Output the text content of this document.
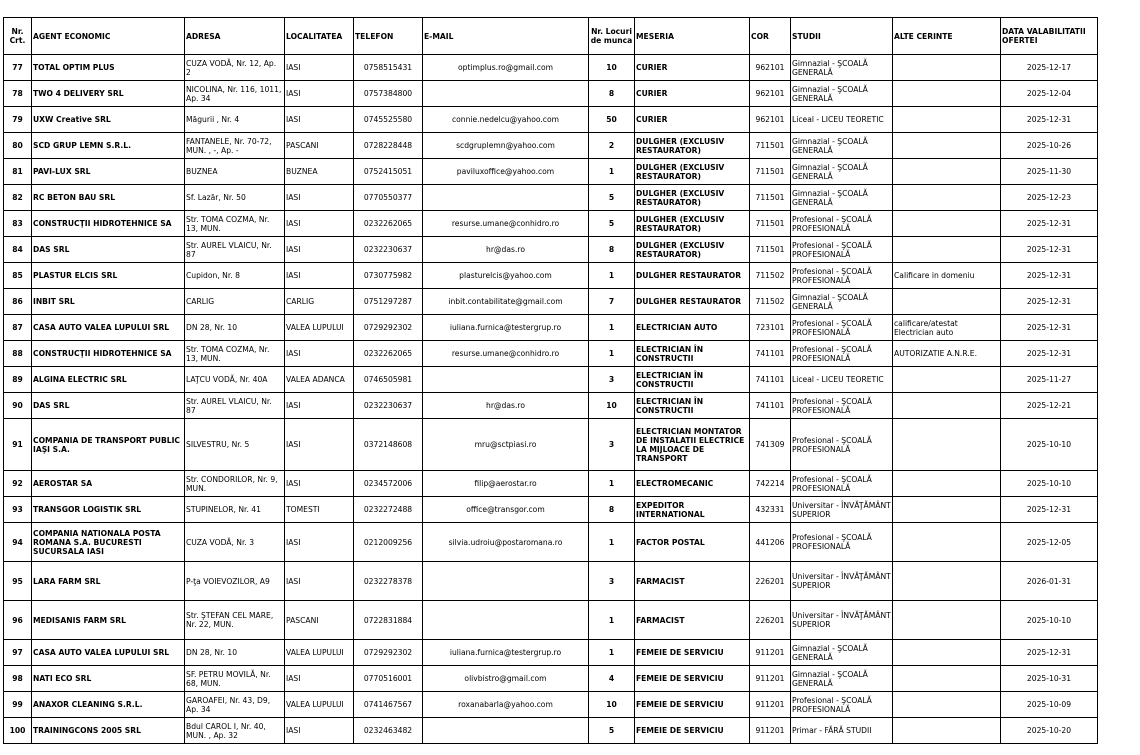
Nr. Crt.	AGENT ECONOMIC	ADRESA	LOCALITATEA	TELEFON	E-MAIL	Nr. Locuri de munca	MESERIA	COR	STUDII	ALTE CERINTE	DATA VALABILITATII OFERTEI
77	TOTAL OPTIM PLUS	CUZA VODĂ, Nr. 12, Ap. 2	IASI	0758515431	optimplus.ro@gmail.com	10	CURIER	962101	Gimnazial - ŞCOALĂ GENERALĂ		2025-12-17
78	TWO 4 DELIVERY SRL	NICOLINA, Nr. 116, 1011, Ap. 34	IASI	0757384800		8	CURIER	962101	Gimnazial - ŞCOALĂ GENERALĂ		2025-12-04
79	UXW Creative SRL	Măgurii , Nr. 4	IASI	0745525580	connie.nedelcu@yahoo.com	50	CURIER	962101	Liceal - LICEU TEORETIC		2025-12-31
80	SCD GRUP LEMN S.R.L.	FANTANELE, Nr. 70-72, MUN. , -, Ap. -	PASCANI	0728228448	scdgruplemn@yahoo.com	2	DULGHER (EXCLUSIV RESTAURATOR)	711501	Gimnazial - ŞCOALĂ GENERALĂ		2025-10-26
81	PAVI-LUX SRL	BUZNEA	BUZNEA	0752415051	paviluxoffice@yahoo.com	1	DULGHER (EXCLUSIV RESTAURATOR)	711501	Gimnazial - ŞCOALĂ GENERALĂ		2025-11-30
82	RC BETON BAU SRL	Sf. Lazăr, Nr. 50	IASI	0770550377		5	DULGHER (EXCLUSIV RESTAURATOR)	711501	Gimnazial - ŞCOALĂ GENERALĂ		2025-12-23
83	CONSTRUCŢII HIDROTEHNICE SA	Str. TOMA COZMA, Nr. 13, MUN.	IASI	0232262065	resurse.umane@conhidro.ro	5	DULGHER (EXCLUSIV RESTAURATOR)	711501	Profesional - ŞCOALĂ PROFESIONALĂ		2025-12-31
84	DAS SRL	Str. AUREL VLAICU, Nr. 87	IASI	0232230637	hr@das.ro	8	DULGHER (EXCLUSIV RESTAURATOR)	711501	Profesional - ŞCOALĂ PROFESIONALĂ		2025-12-31
85	PLASTUR ELCIS SRL	Cupidon, Nr. 8	IASI	0730775982	plasturelcis@yahoo.com	1	DULGHER RESTAURATOR	711502	Profesional - ŞCOALĂ PROFESIONALĂ	Calificare in domeniu	2025-12-31
86	INBIT SRL	CARLIG	CARLIG	0751297287	inbit.contabilitate@gmail.com	7	DULGHER RESTAURATOR	711502	Gimnazial - ŞCOALĂ GENERALĂ		2025-12-31
87	CASA AUTO VALEA LUPULUI SRL	DN 28, Nr. 10	VALEA LUPULUI	0729292302	iuliana.furnica@testergrup.ro	1	ELECTRICIAN AUTO	723101	Profesional - ŞCOALĂ PROFESIONALĂ	calificare/atestat Electrician auto	2025-12-31
88	CONSTRUCŢII HIDROTEHNICE SA	Str. TOMA COZMA, Nr. 13, MUN.	IASI	0232262065	resurse.umane@conhidro.ro	1	ELECTRICIAN ÎN CONSTRUCTII	741101	Profesional - ŞCOALĂ PROFESIONALĂ	AUTORIZATIE A.N.R.E.	2025-12-31
89	ALGINA ELECTRIC SRL	LAŢCU VODĂ, Nr. 40A	VALEA ADANCA	0746505981		3	ELECTRICIAN ÎN CONSTRUCTII	741101	Liceal - LICEU TEORETIC		2025-11-27
90	DAS SRL	Str. AUREL VLAICU, Nr. 87	IASI	0232230637	hr@das.ro	10	ELECTRICIAN ÎN CONSTRUCTII	741101	Profesional - ŞCOALĂ PROFESIONALĂ		2025-12-21
91	COMPANIA DE TRANSPORT PUBLIC IAŞI S.A.	SILVESTRU, Nr. 5	IASI	0372148608	mru@sctpiasi.ro	3	ELECTRICIAN MONTATOR DE INSTALATII ELECTRICE LA MIJLOACE DE TRANSPORT	741309	Profesional - ŞCOALĂ PROFESIONALĂ		2025-10-10
92	AEROSTAR SA	Str. CONDORILOR, Nr. 9, MUN.	IASI	0234572006	filip@aerostar.ro	1	ELECTROMECANIC	742214	Profesional - ŞCOALĂ PROFESIONALĂ		2025-10-10
93	TRANSGOR LOGISTIK SRL	STUPINELOR, Nr. 41	TOMESTI	0232272488	office@transgor.com	8	EXPEDITOR INTERNATIONAL	432331	Universitar - ÎNVĂŢĂMÂNT SUPERIOR		2025-12-31
94	COMPANIA NATIONALA POSTA ROMANA S.A. BUCURESTI SUCURSALA IASI	CUZA VODĂ, Nr. 3	IASI	0212009256	silvia.udroiu@postaromana.ro	1	FACTOR POSTAL	441206	Profesional - ŞCOALĂ PROFESIONALĂ		2025-12-05
95	LARA FARM SRL	P-ţa VOIEVOZILOR, A9	IASI	0232278378		3	FARMACIST	226201	Universitar - ÎNVĂŢĂMÂNT SUPERIOR		2026-01-31
96	MEDISANIS FARM SRL	Str. ŞTEFAN CEL MARE, Nr. 22, MUN.	PASCANI	0722831884		1	FARMACIST	226201	Universitar - ÎNVĂŢĂMÂNT SUPERIOR		2025-10-10
97	CASA AUTO VALEA LUPULUI SRL	DN 28, Nr. 10	VALEA LUPULUI	0729292302	iuliana.furnica@testergrup.ro	1	FEMEIE DE SERVICIU	911201	Gimnazial - ŞCOALĂ GENERALĂ		2025-12-31
98	NATI ECO SRL	SF. PETRU MOVILĂ, Nr. 68, MUN.	IASI	0770516001	olivbistro@gmail.com	4	FEMEIE DE SERVICIU	911201	Gimnazial - ŞCOALĂ GENERALĂ		2025-10-31
99	ANAXOR CLEANING S.R.L.	GAROAFEI, Nr. 43, D9, Ap. 34	VALEA LUPULUI	0741467567	roxanabarla@yahoo.com	10	FEMEIE DE SERVICIU	911201	Profesional - ŞCOALĂ PROFESIONALĂ		2025-10-09
100	TRAININGCONS 2005 SRL	Bdul CAROL I, Nr. 40, MUN. , Ap. 32	IASI	0232463482		5	FEMEIE DE SERVICIU	911201	Primar - FĂRĂ STUDII		2025-10-20
